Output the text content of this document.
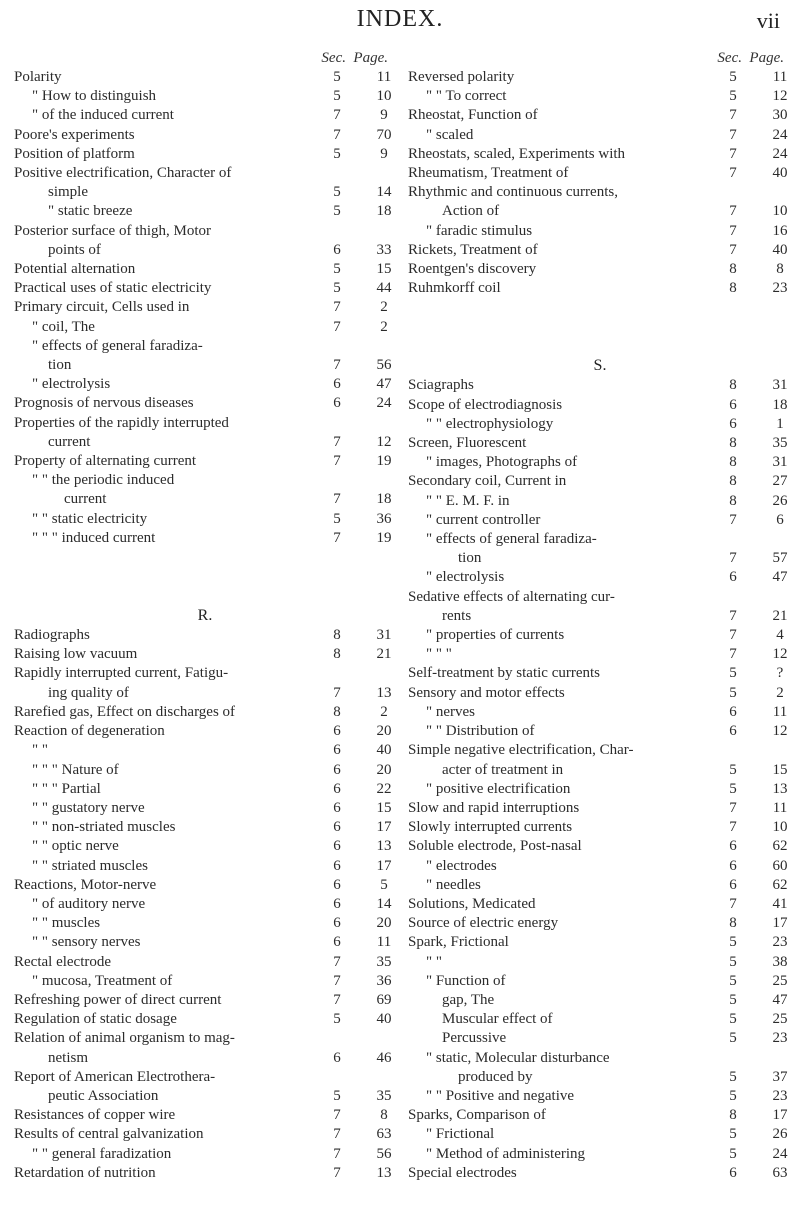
INDEX.	vii
Sec. Page.
Polarity	5	11
" How to distinguish	5	10
" of the induced current	7	9
Poore's experiments	7	70
Position of platform	5	9
Positive electrification, Character of
simple	5	14
" static breeze	5	18
Posterior surface of thigh, Motor
points of	6	33
Potential alternation	5	15
Practical uses of static electricity	5	44
Primary circuit, Cells used in	7	2
" coil, The	7	2
" effects of general faradiza-
tion	7	56
" electrolysis	6	47
Prognosis of nervous diseases	6	24
Properties of the rapidly interrupted
current	7	12
Property of alternating current	7	19
" " the periodic induced
current	7	18
" " static electricity	5	36
" " " induced current	7	19
R.
Radiographs	8	31
Raising low vacuum	8	21
Rapidly interrupted current, Fatigu-
ing quality of	7	13
Rarefied gas, Effect on discharges of	8	2
Reaction of degeneration	6	20
" "	6	40
" " " Nature of	6	20
" " " Partial	6	22
" " gustatory nerve	6	15
" " non-striated muscles	6	17
" " optic nerve	6	13
" " striated muscles	6	17
Reactions, Motor-nerve	6	5
" of auditory nerve	6	14
" " muscles	6	20
" " sensory nerves	6	11
Rectal electrode	7	35
" mucosa, Treatment of	7	36
Refreshing power of direct current	7	69
Regulation of static dosage	5	40
Relation of animal organism to mag-
netism	6	46
Report of American Electrothera-
peutic Association	5	35
Resistances of copper wire	7	8
Results of central galvanization	7	63
" " general faradization	7	56
Retardation of nutrition	7	13
Sec. Page.
Reversed polarity	5	11
" " To correct	5	12
Rheostat, Function of	7	30
" scaled	7	24
Rheostats, scaled, Experiments with	7	24
Rheumatism, Treatment of	7	40
Rhythmic and continuous currents,
Action of	7	10
" faradic stimulus	7	16
Rickets, Treatment of	7	40
Roentgen's discovery	8	8
Ruhmkorff coil	8	23
S.
Sciagraphs	8	31
Scope of electrodiagnosis	6	18
" " electrophysiology	6	1
Screen, Fluorescent	8	35
" images, Photographs of	8	31
Secondary coil, Current in	8	27
" " E. M. F. in	8	26
" current controller	7	6
" effects of general faradiza-
tion	7	57
" electrolysis	6	47
Sedative effects of alternating cur-
rents	7	21
" properties of currents	7	4
" " "	7	12
Self-treatment by static currents	5	?
Sensory and motor effects	5	2
" nerves	6	11
" " Distribution of	6	12
Simple negative electrification, Char-
acter of treatment in	5	15
" positive electrification	5	13
Slow and rapid interruptions	7	11
Slowly interrupted currents	7	10
Soluble electrode, Post-nasal	6	62
" electrodes	6	60
" needles	6	62
Solutions, Medicated	7	41
Source of electric energy	8	17
Spark, Frictional	5	23
" "	5	38
" Function of	5	25
gap, The	5	47
Muscular effect of	5	25
Percussive	5	23
" static, Molecular disturbance
produced by	5	37
" " Positive and negative	5	23
Sparks, Comparison of	8	17
" Frictional	5	26
" Method of administering	5	24
Special electrodes	6	63
